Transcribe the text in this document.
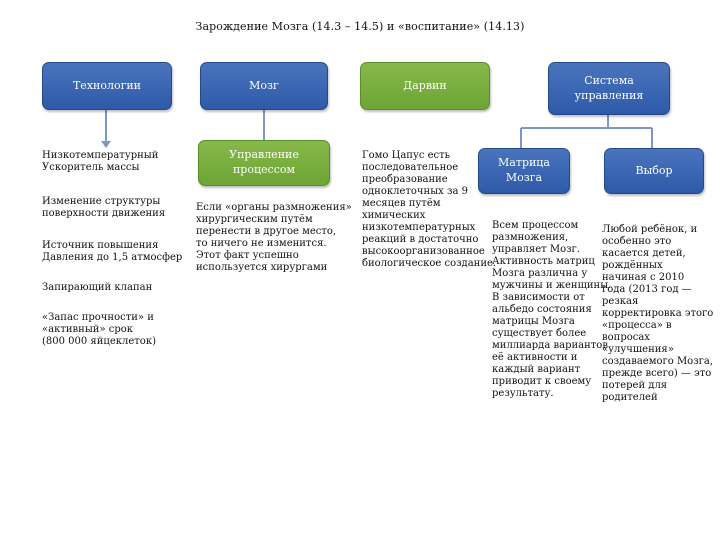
Зарождение Мозга (14.3 – 14.5) и «воспитание» (14.13)
Технологии	Мозг	Дарвин	Система управления
Управление процессом
Матрица Мозга
Выбор

Низкотемпературный
Ускоритель массы

Изменение структуры
поверхности движения

Источник повышения
Давления до 1,5 атмосфер

Запирающий клапан

«Запас прочности» и
«активный» срок
(800 000 яйцеклеток)

Если «органы размножения»
хирургическим путём
перенести в другое место,
то ничего не изменится.
Этот факт успешно
используется хирургами

Гомо Цапус есть
последовательное
преобразование
одноклеточных за 9
месяцев путём
химических
низкотемпературных
реакций в достаточно
высокоорганизованное
биологическое создание.

Всем процессом
размножения,
управляет Мозг.
Активность матриц
Мозга различна у
мужчины и женщины.
В зависимости от
альбедо состояния
матрицы Мозга
существует более
миллиарда вариантов
её активности и
каждый вариант
приводит к своему
результату.

Любой ребёнок, и
особенно это
касается детей,
рождённых
начиная с 2010
года (2013 год —
резкая
корректировка этого
«процесса» в
вопросах
«улучшения»
создаваемого Мозга,
прежде всего) — это
потерей для
родителей
